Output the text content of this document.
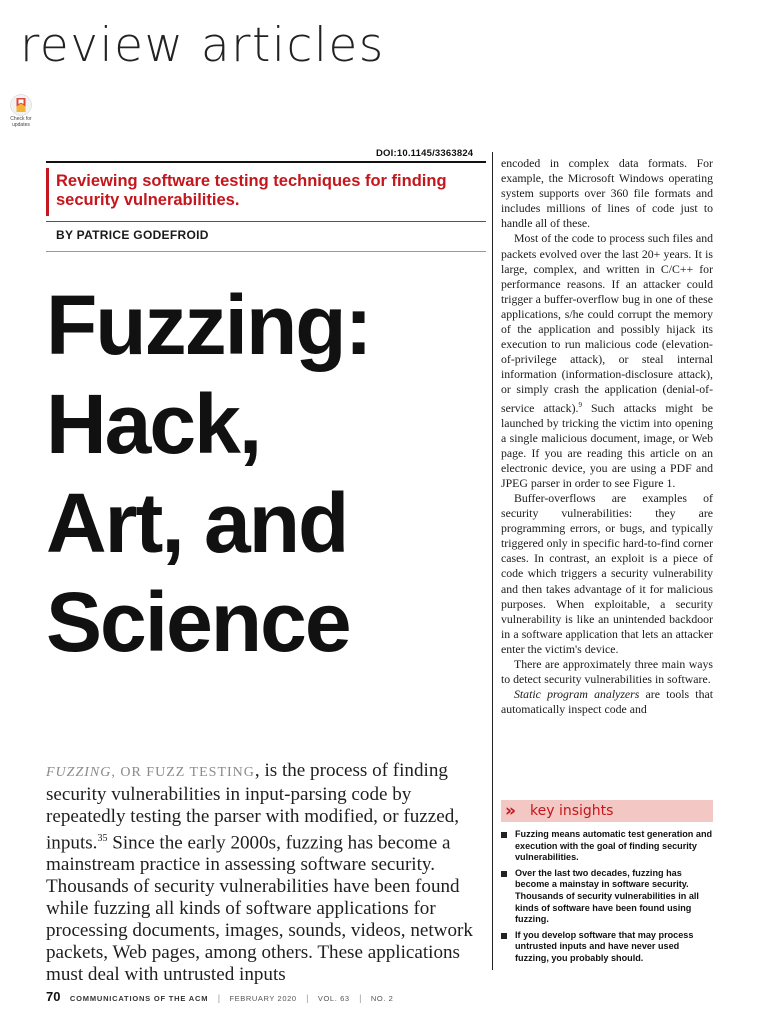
review articles
Check for
updates
DOI:10.1145/3363824

Reviewing software testing techniques for finding security vulnerabilities.

BY PATRICE GODEFROID
Fuzzing:
Hack,
Art, and
Science

FUZZING, OR FUZZ TESTING, is the process of finding security vulnerabilities in input-parsing code by repeatedly testing the parser with modified, or fuzzed, inputs.$^{35}$ Since the early 2000s, fuzzing has become a mainstream practice in assessing software security. Thousands of security vulnerabilities have been found while fuzzing all kinds of software applications for processing documents, images, sounds, videos, network packets, Web pages, among others. These applications must deal with untrusted inputs

encoded in complex data formats. For example, the Microsoft Windows operating system supports over 360 file formats and includes millions of lines of code just to handle all of these.

Most of the code to process such files and packets evolved over the last 20+ years. It is large, complex, and written in C/C++ for performance reasons. If an attacker could trigger a buffer-overflow bug in one of these applications, s/he could corrupt the memory of the application and possibly hijack its execution to run malicious code (elevation-of-privilege attack), or steal internal information (information-disclosure attack), or simply crash the application (denial-of-service attack).$^9$ Such attacks might be launched by tricking the victim into opening a single malicious document, image, or Web page. If you are reading this article on an electronic device, you are using a PDF and JPEG parser in order to see Figure 1.

Buffer-overflows are examples of security vulnerabilities: they are programming errors, or bugs, and typically triggered only in specific hard-to-find corner cases. In contrast, an exploit is a piece of code which triggers a security vulnerability and then takes advantage of it for malicious purposes. When exploitable, a security vulnerability is like an unintended backdoor in a software application that lets an attacker enter the victim's device.

There are approximately three main ways to detect security vulnerabilities in software.

Static program analyzers are tools that automatically inspect code and

»	key insights
Fuzzing means automatic test generation and execution with the goal of finding security vulnerabilities.
Over the last two decades, fuzzing has become a mainstay in software security. Thousands of security vulnerabilities in all kinds of software have been found using fuzzing.
If you develop software that may process untrusted inputs and have never used fuzzing, you probably should.
70 COMMUNICATIONS OF THE ACM | FEBRUARY 2020 | VOL. 63 | NO. 2
